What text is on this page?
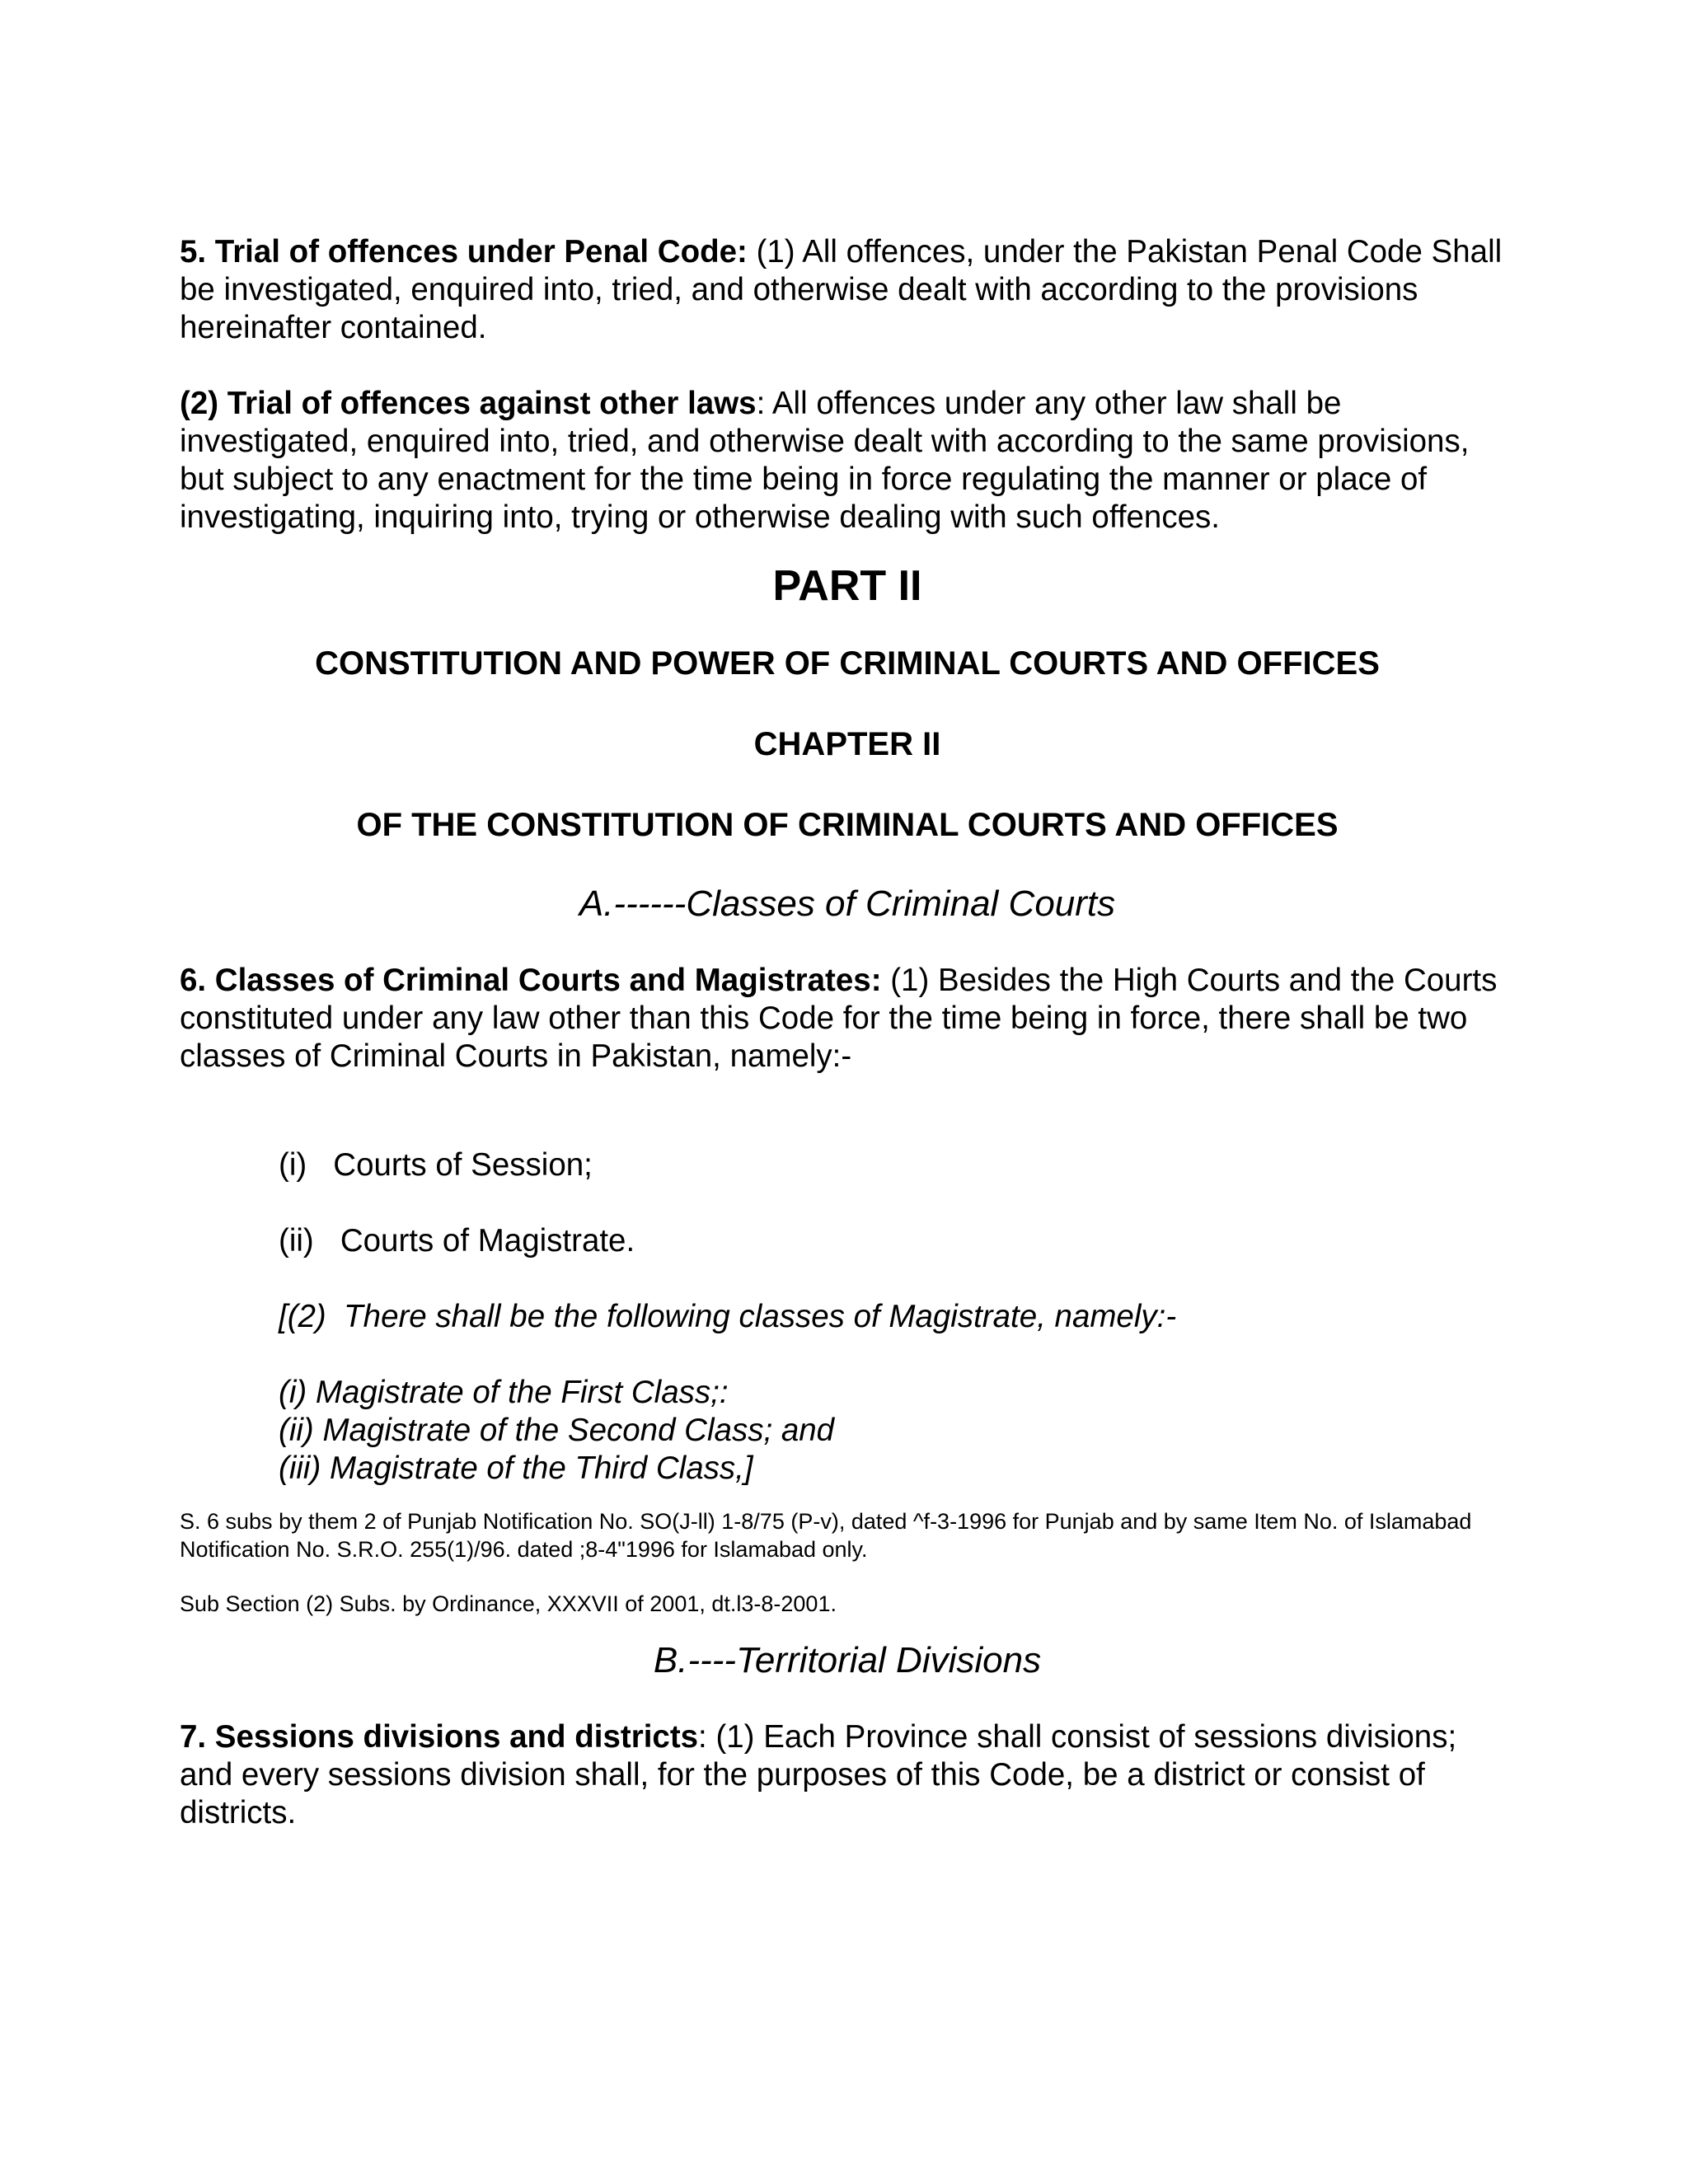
5. Trial of offences under Penal Code: (1) All offences, under the Pakistan Penal Code Shall be investigated, enquired into, tried, and otherwise dealt with according to the provisions hereinafter contained.

(2) Trial of offences against other laws: All offences under any other law shall be investigated, enquired into, tried, and otherwise dealt with according to the same provisions, but subject to any enactment for the time being in force regulating the manner or place of investigating, inquiring into, trying or otherwise dealing with such offences.

PART II

CONSTITUTION AND POWER OF CRIMINAL COURTS AND OFFICES

CHAPTER II

OF THE CONSTITUTION OF CRIMINAL COURTS AND OFFICES

A.------Classes of Criminal Courts

6. Classes of Criminal Courts and Magistrates: (1) Besides the High Courts and the Courts constituted under any law other than this Code for the time being in force, there shall be two classes of Criminal Courts in Pakistan, namely:-

(i)   Courts of Session;
(ii)   Courts of Magistrate.
[(2)  There shall be the following classes of Magistrate, namely:-
(i) Magistrate of the First Class;:
(ii) Magistrate of the Second Class; and
(iii) Magistrate of the Third Class,]

S. 6 subs by them 2 of Punjab Notification No. SO(J-ll) 1-8/75 (P-v), dated ^f-3-1996 for Punjab and by same Item No. of Islamabad Notification No. S.R.O. 255(1)/96. dated ;8-4"1996 for Islamabad only.

Sub Section (2) Subs. by Ordinance, XXXVII of 2001, dt.l3-8-2001.

B.----Territorial Divisions

7. Sessions divisions and districts: (1) Each Province shall consist of sessions divisions; and every sessions division shall, for the purposes of this Code, be a district or consist of districts.
